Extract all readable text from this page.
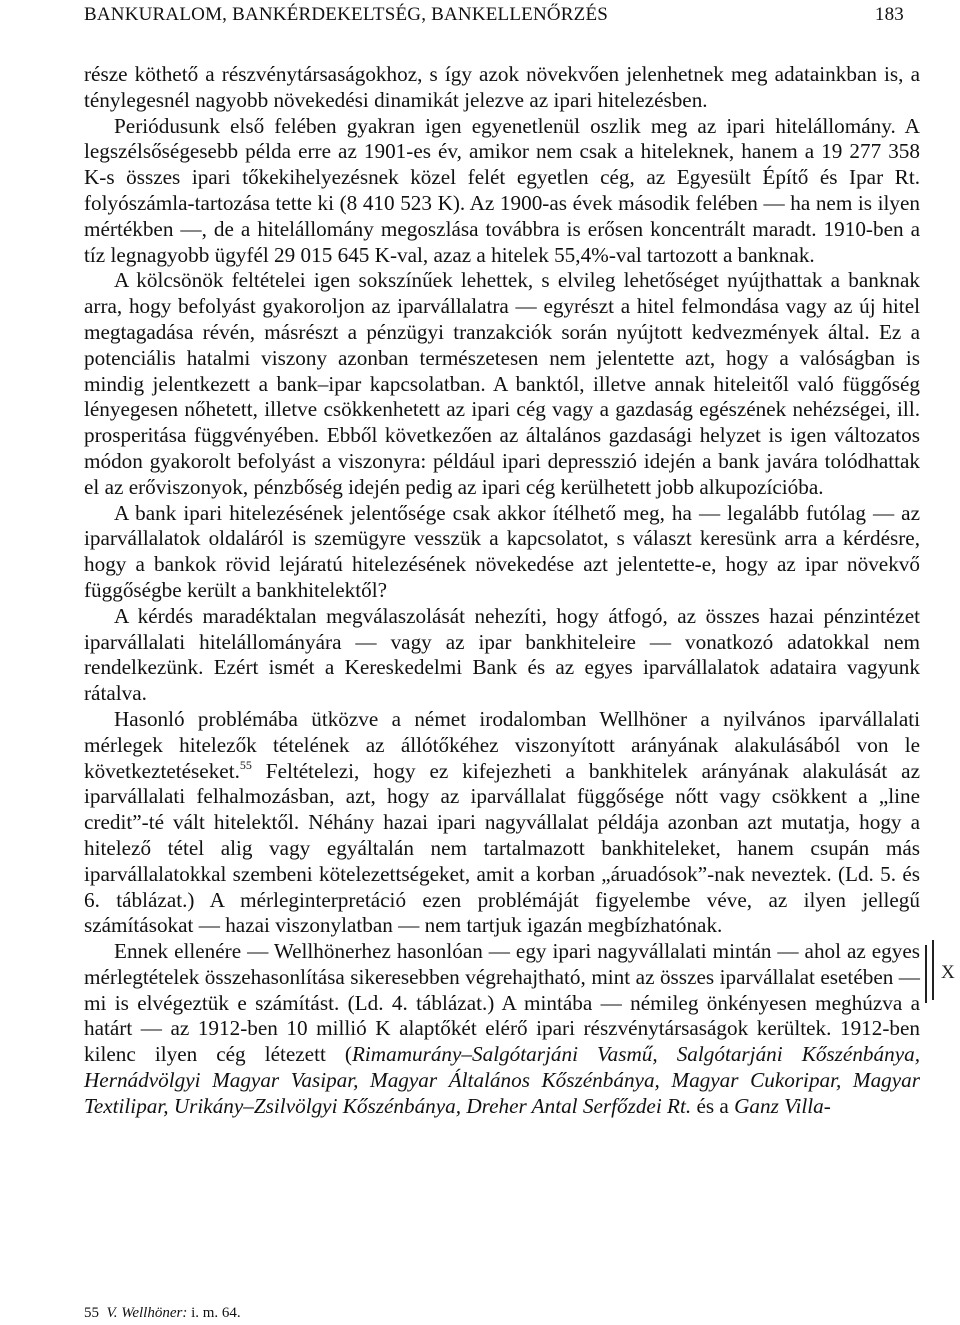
BANKURALOM, BANKÉRDEKELTSÉG, BANKELLENŐRZÉS	183

része köthető a részvénytársaságokhoz, s így azok növekvően jelenhetnek meg adatainkban is, a ténylegesnél nagyobb növekedési dinamikát jelezve az ipari hitelezésben.

Periódusunk első felében gyakran igen egyenetlenül oszlik meg az ipari hitelállomány. A legszélsőségesebb példa erre az 1901-es év, amikor nem csak a hiteleknek, hanem a 19 277 358 K-s összes ipari tőkekihelyezésnek közel felét egyetlen cég, az Egyesült Építő és Ipar Rt. folyószámla-tartozása tette ki (8 410 523 K). Az 1900-as évek második felében — ha nem is ilyen mértékben —, de a hitelállomány megoszlása továbbra is erősen koncentrált maradt. 1910-ben a tíz legnagyobb ügyfél 29 015 645 K-val, azaz a hitelek 55,4%-val tartozott a banknak.

A kölcsönök feltételei igen sokszínűek lehettek, s elvileg lehetőséget nyújthattak a banknak arra, hogy befolyást gyakoroljon az iparvállalatra — egyrészt a hitel felmondása vagy az új hitel megtagadása révén, másrészt a pénzügyi tranzakciók során nyújtott kedvezmények által. Ez a potenciális hatalmi viszony azonban természetesen nem jelentette azt, hogy a valóságban is mindig jelentkezett a bank–ipar kapcsolatban. A banktól, illetve annak hiteleitől való függőség lényegesen nőhetett, illetve csökkenhetett az ipari cég vagy a gazdaság egészének nehézségei, ill. prosperitása függvényében. Ebből következően az általános gazdasági helyzet is igen változatos módon gyakorolt befolyást a viszonyra: például ipari depresszió idején a bank javára tolódhattak el az erőviszonyok, pénzbőség idején pedig az ipari cég kerülhetett jobb alkupozícióba.

A bank ipari hitelezésének jelentősége csak akkor ítélhető meg, ha — legalább futólag — az iparvállalatok oldaláról is szemügyre vesszük a kapcsolatot, s választ keresünk arra a kérdésre, hogy a bankok rövid lejáratú hitelezésének növekedése azt jelentette-e, hogy az ipar növekvő függőségbe került a bankhitelektől?

A kérdés maradéktalan megválaszolását nehezíti, hogy átfogó, az összes hazai pénzintézet iparvállalati hitelállományára — vagy az ipar bankhiteleire — vonatkozó adatokkal nem rendelkezünk. Ezért ismét a Kereskedelmi Bank és az egyes iparvállalatok adataira vagyunk rátalva.

Hasonló problémába ütközve a német irodalomban Wellhöner a nyilvános iparvállalati mérlegek hitelezők tételének az állótőkéhez viszonyított arányának alakulásából von le következtetéseket.$^{55}$ Feltételezi, hogy ez kifejezheti a bankhitelek arányának alakulását az iparvállalati felhalmozásban, azt, hogy az iparvállalat függősége nőtt vagy csökkent a „line credit”-té vált hitelektől. Néhány hazai ipari nagyvállalat példája azonban azt mutatja, hogy a hitelező tétel alig vagy egyáltalán nem tartalmazott bankhiteleket, hanem csupán más iparvállalatokkal szembeni kötelezettségeket, amit a korban „áruadósok”-nak neveztek. (Ld. 5. és 6. táblázat.) A mérleginterpretáció ezen problémáját figyelembe véve, az ilyen jellegű számításokat — hazai viszonylatban — nem tartjuk igazán megbízhatónak.

Ennek ellenére — Wellhönerhez hasonlóan — egy ipari nagyvállalati mintán — ahol az egyes mérlegtételek összehasonlítása sikeresebben végrehajtható, mint az összes iparvállalat esetében — mi is elvégeztük e számítást. (Ld. 4. táblázat.) A mintába — némileg önkényesen meghúzva a határt — az 1912-ben 10 millió K alaptőkét elérő ipari részvénytársaságok kerültek. 1912-ben kilenc ilyen cég létezett (Rimamurány–Salgótarjáni Vasmű, Salgótarjáni Kőszénbánya, Hernádvölgyi Magyar Vasipar, Magyar Általános Kőszénbánya, Magyar Cukoripar, Magyar Textilipar, Urikány–Zsilvölgyi Kőszénbánya, Dreher Antal Serfőzdei Rt. és a Ganz Villa-

X
55 V. Wellhöner: i. m. 64.
